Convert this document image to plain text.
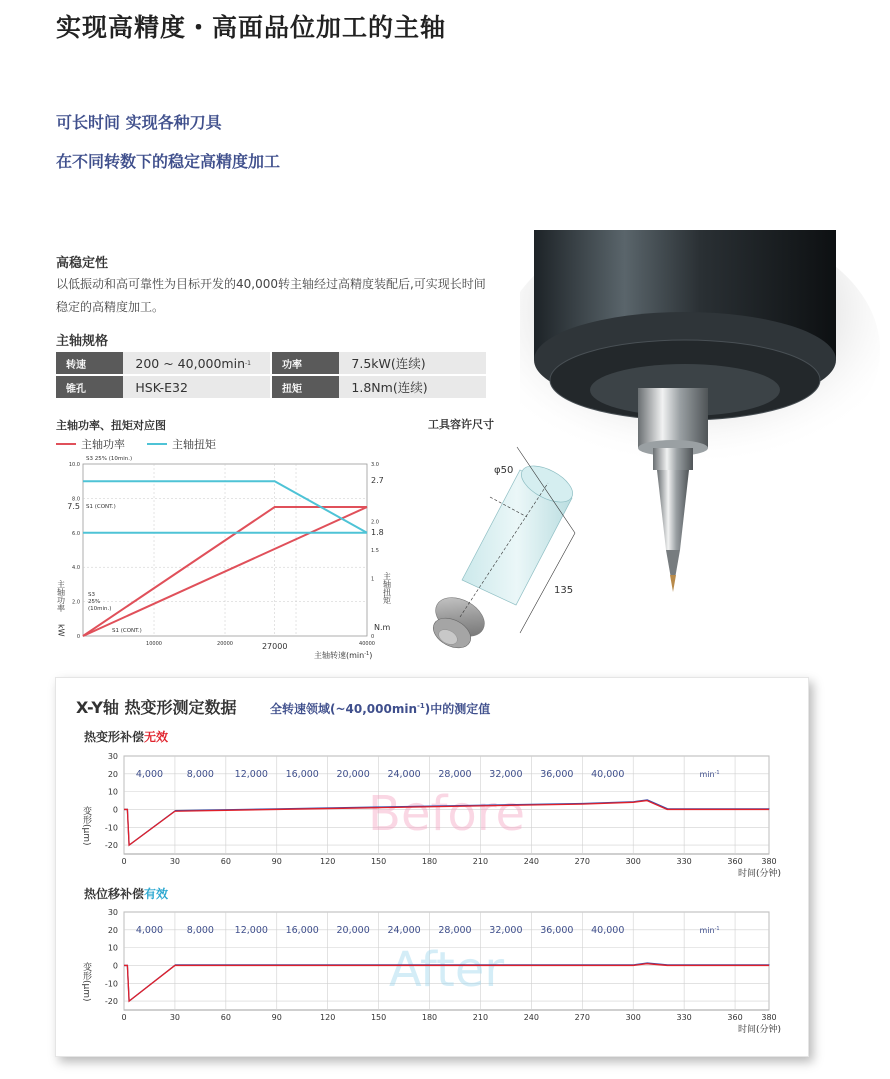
实现高精度・高面品位加工的主轴
可长时间 实现各种刀具
在不同转数下的稳定高精度加工
高稳定性
以低振动和高可靠性为目标开发的40,000转主轴经过高精度装配后,可实现长时间稳定的高精度加工。
主轴规格
转速	200 ~ 40,000min -1	功率	7.5kW(连续)
锥孔	HSK-E32	扭矩	1.8Nm(连续)
主轴功率、扭矩对应图
主轴功率	主轴扭矩
10.0
8.0
7.5
6.0
4.0
2.0
0
3.0
2.7
2.0
1.8
1.5
1
0
10000	20000	27000	40000
S3 25% (10min.)
S1 (CONT.)
S3
25%
(10min.)
S1 (CONT.)
主轴功率
kW
主轴扭矩
N.m
主轴转速$(\min^{-1})$
工具容许尺寸
φ50
135
X-Y轴 热变形测定数据	全转速领域$(\sim 40,000\min^{-1})$中的测定值
热变形补偿无效
热位移补偿有效
30
20
10
0
-10
-20
0	30	60	90	120	150	180	210	240	270	300	330	360 380
4,000 8,000 12,000 16,000 20,000 24,000 28,000 32,000 36,000 40,000	$\min^{-1}$
Before
变形(μm)
时间(分钟)
30
20
10
0
-10
-20
0	30	60	90	120	150	180	210	240	270	300	330	360 380
4,000 8,000 12,000 16,000 20,000 24,000 28,000 32,000 36,000 40,000	$\min^{-1}$
After
变形(μm)
时间(分钟)
